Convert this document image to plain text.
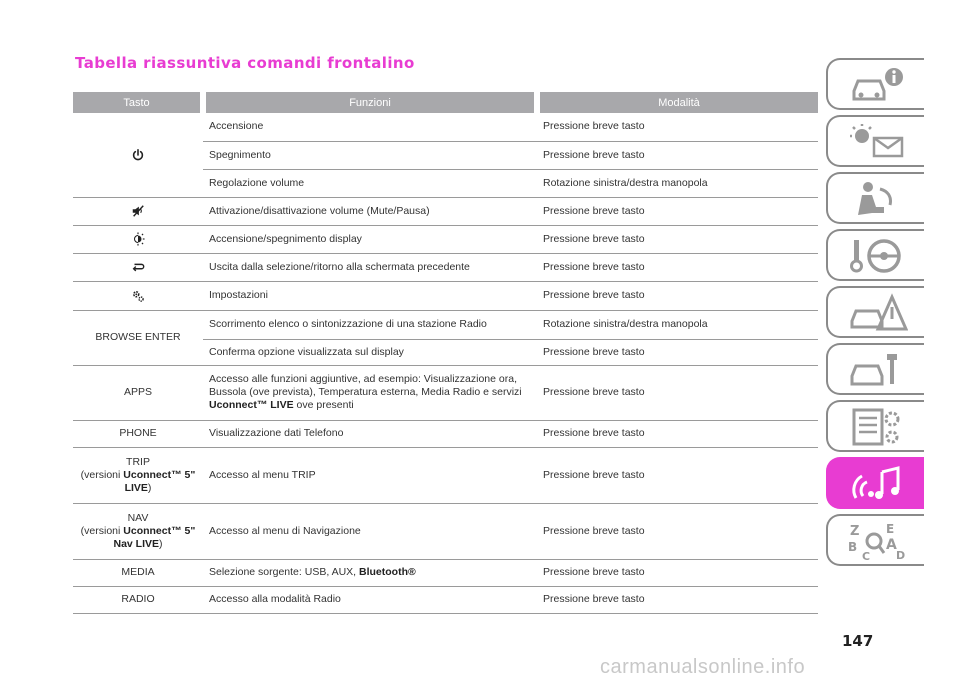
Tabella riassuntiva comandi frontalino
Tasto	Funzioni	Modalità
	Accensione	Pressione breve tasto
	Spegnimento	Pressione breve tasto
	Regolazione volume	Rotazione sinistra/destra manopola
	Attivazione/disattivazione volume (Mute/Pausa)	Pressione breve tasto
	Accensione/spegnimento display	Pressione breve tasto
	Uscita dalla selezione/ritorno alla schermata precedente	Pressione breve tasto
	Impostazioni	Pressione breve tasto
BROWSE ENTER	Scorrimento elenco o sintonizzazione di una stazione Radio	Rotazione sinistra/destra manopola
	Conferma opzione visualizzata sul display	Pressione breve tasto
APPS	Accesso alle funzioni aggiuntive, ad esempio: Visualizzazione ora, Bussola (ove prevista), Temperatura esterna, Media Radio e servizi Uconnect™ LIVE ove presenti	Pressione breve tasto
PHONE	Visualizzazione dati Telefono	Pressione breve tasto
TRIP
(versioni Uconnect™ 5" LIVE)	Accesso al menu TRIP	Pressione breve tasto
NAV
(versioni Uconnect™ 5" Nav LIVE)	Accesso al menu di Navigazione	Pressione breve tasto
MEDIA	Selezione sorgente: USB, AUX, Bluetooth®	Pressione breve tasto
RADIO	Accesso alla modalità Radio	Pressione breve tasto
Z E
B A
D
C
147
carmanualsonline.info
